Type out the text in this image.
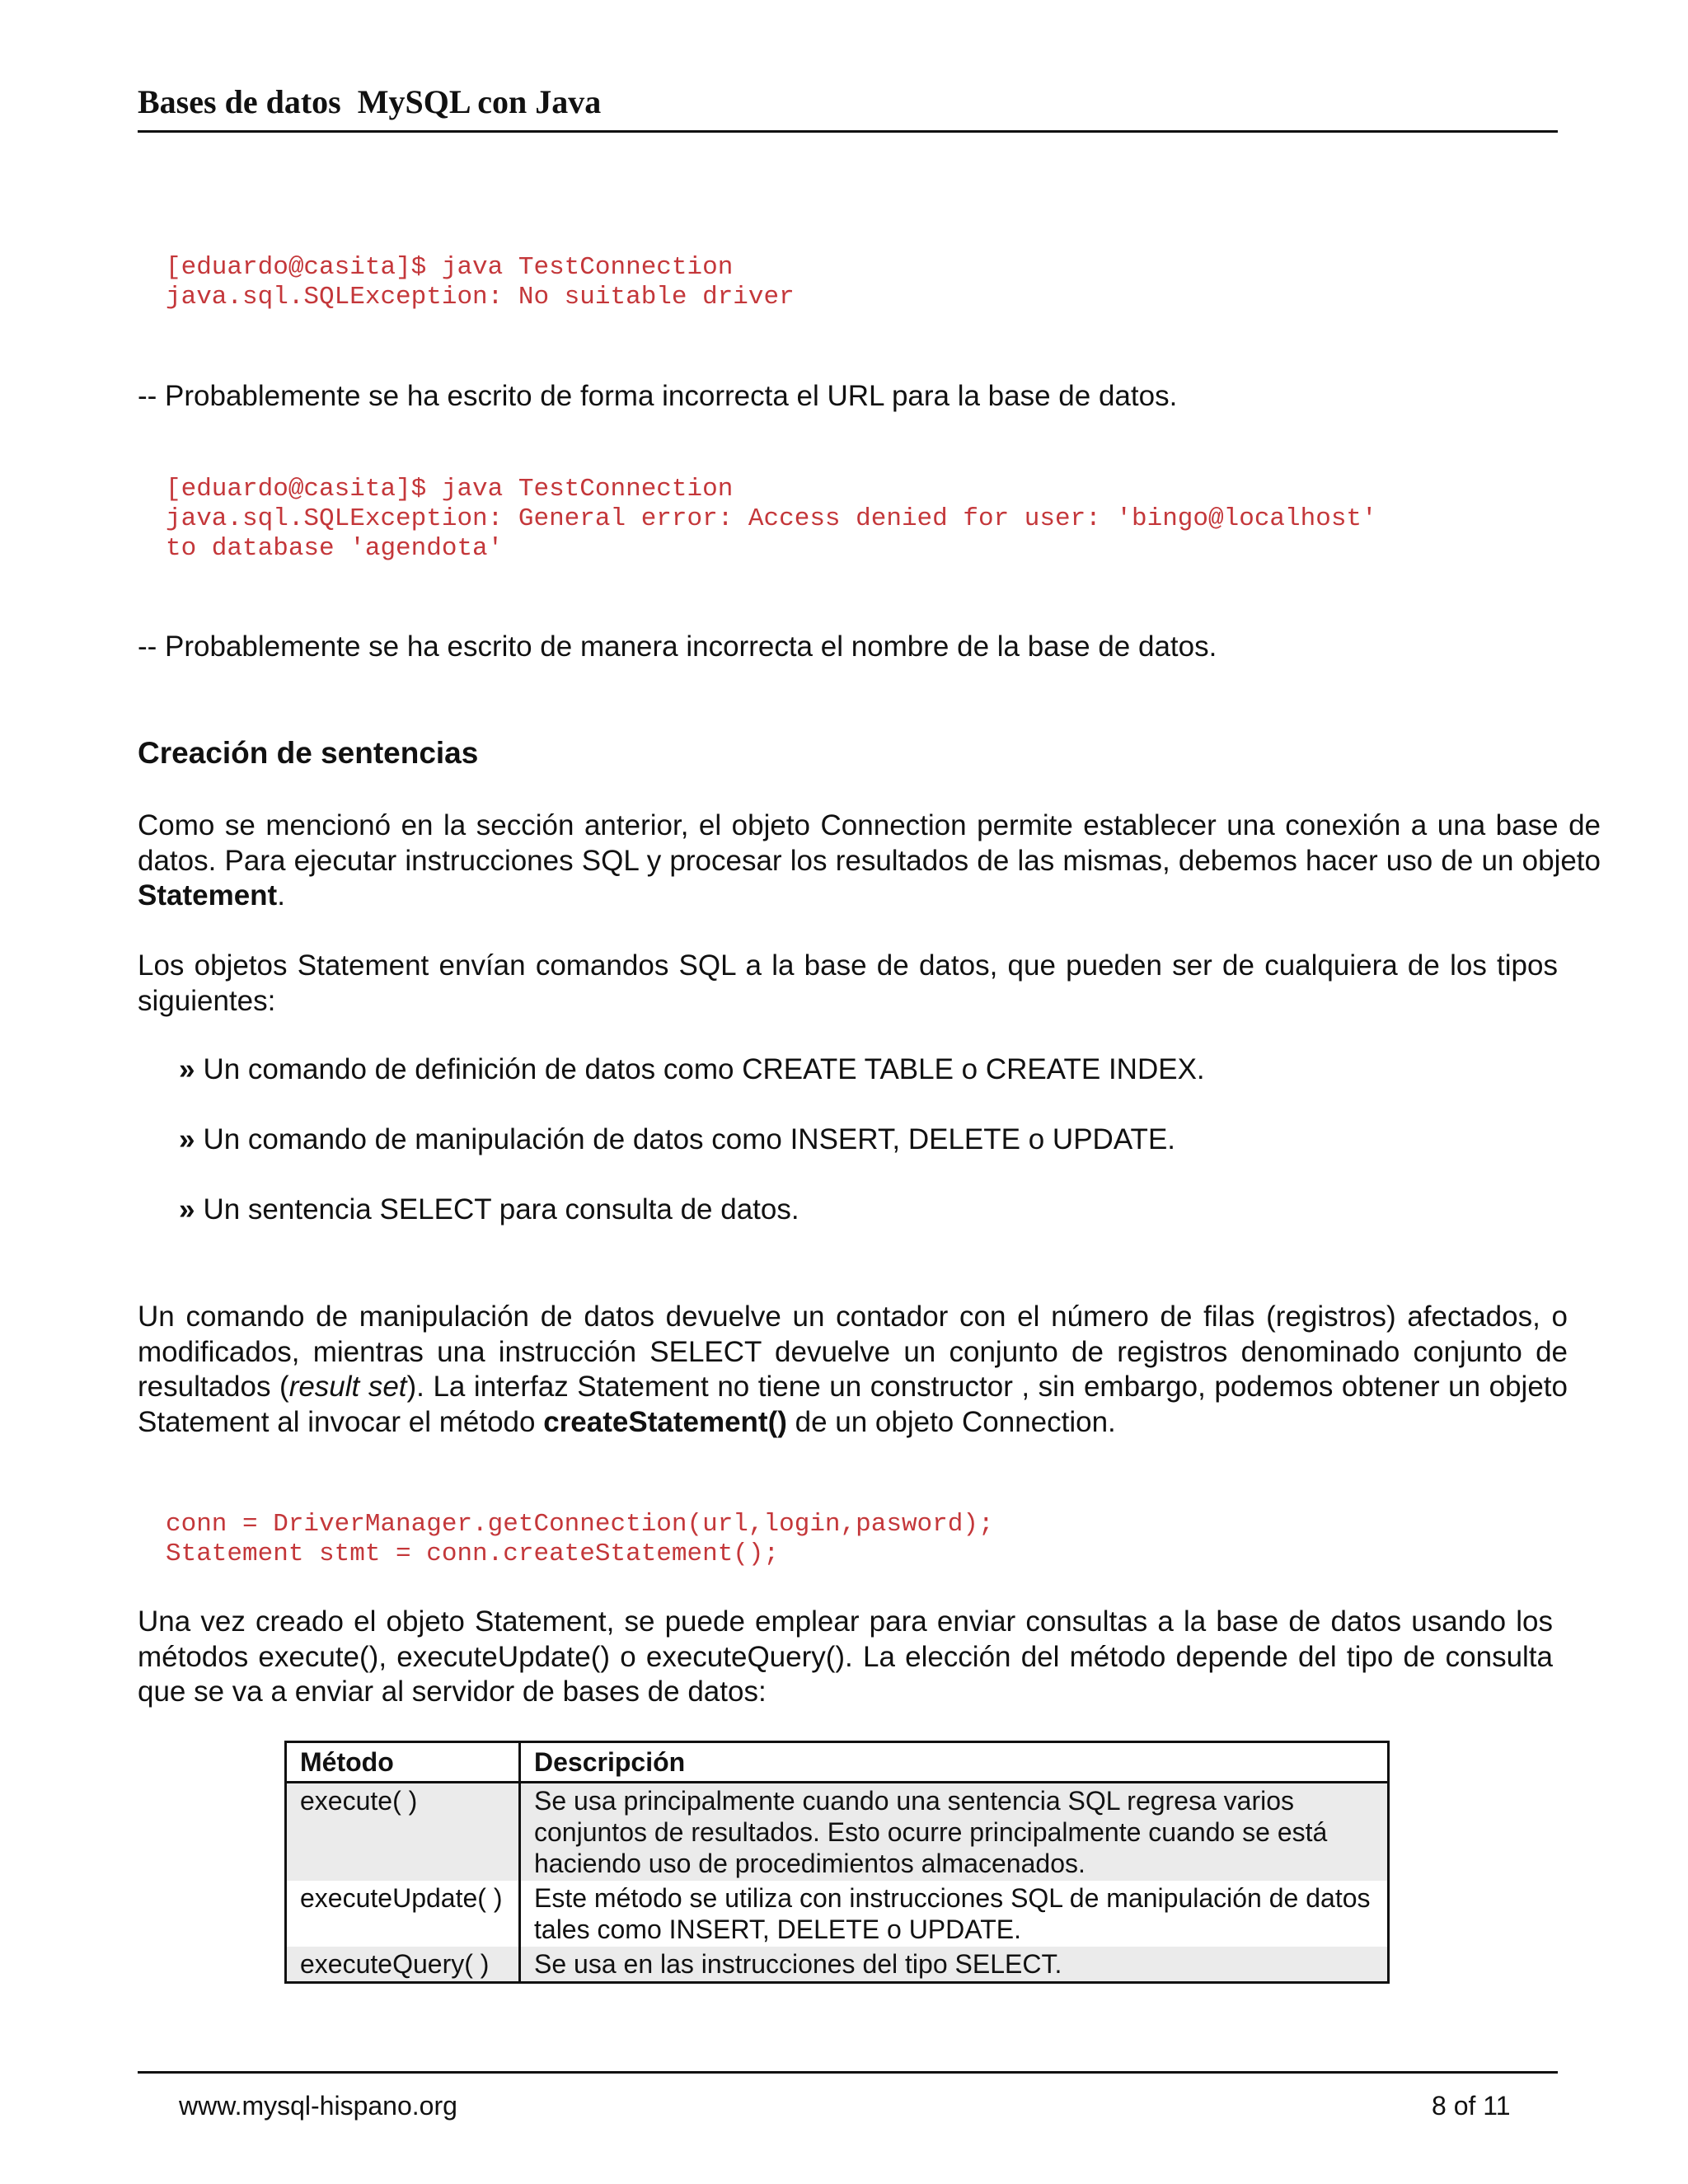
Bases de datos  MySQL con Java
[eduardo@casita]$ java TestConnection
java.sql.SQLException: No suitable driver
-- Probablemente se ha escrito de forma incorrecta el URL para la base de datos.
[eduardo@casita]$ java TestConnection
java.sql.SQLException: General error: Access denied for user: 'bingo@localhost'
to database 'agendota'
-- Probablemente se ha escrito de manera incorrecta el nombre de la base de datos.
Creación de sentencias
Como se mencionó en la sección anterior, el objeto Connection permite establecer una conexión a una base de datos. Para ejecutar instrucciones SQL y procesar los resultados de las mismas, debemos hacer uso de un objeto Statement.
Los objetos Statement envían comandos SQL a la base de datos, que pueden ser de cualquiera de los tipos siguientes:
» Un comando de definición de datos como CREATE TABLE o CREATE INDEX.
» Un comando de manipulación de datos como INSERT, DELETE o UPDATE.
» Un sentencia SELECT para consulta de datos.
Un comando de manipulación de datos devuelve un contador con el número de filas (registros) afectados, o modificados, mientras una instrucción SELECT devuelve un conjunto de registros denominado conjunto de resultados (result set). La interfaz Statement no tiene un constructor , sin embargo, podemos obtener un objeto Statement al invocar el método createStatement() de un objeto Connection.
conn = DriverManager.getConnection(url,login,pasword);
Statement stmt = conn.createStatement();
Una vez creado el objeto Statement, se puede emplear para enviar consultas a la base de datos usando los métodos execute(), executeUpdate() o executeQuery(). La elección del método depende del tipo de consulta que se va a enviar al servidor de bases de datos:
Método	Descripción
execute( )	Se usa principalmente cuando una sentencia SQL regresa varios conjuntos de resultados. Esto ocurre principalmente cuando se está haciendo uso de procedimientos almacenados.
executeUpdate( )	Este método se utiliza con instrucciones SQL de manipulación de datos tales como INSERT, DELETE o UPDATE.
executeQuery( )	Se usa en las instrucciones del tipo SELECT.
www.mysql-hispano.org	8 of 11
